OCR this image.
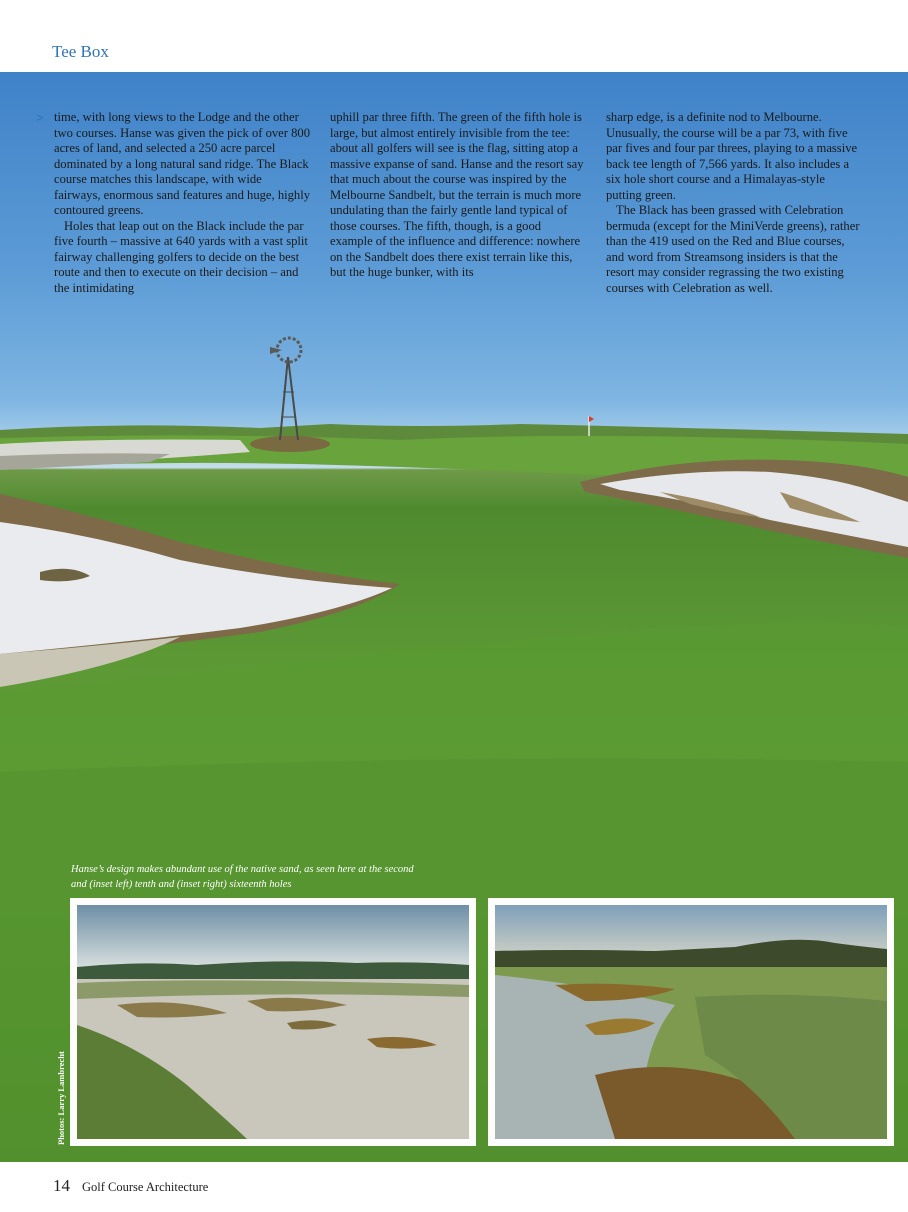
Tee Box
> time, with long views to the Lodge and the other two courses. Hanse was given the pick of over 800 acres of land, and selected a 250 acre parcel dominated by a long natural sand ridge. The Black course matches this landscape, with wide fairways, enormous sand features and huge, highly contoured greens.

Holes that leap out on the Black include the par five fourth – massive at 640 yards with a vast split fairway challenging golfers to decide on the best route and then to execute on their decision – and the intimidating

uphill par three fifth. The green of the fifth hole is large, but almost entirely invisible from the tee: about all golfers will see is the flag, sitting atop a massive expanse of sand. Hanse and the resort say that much about the course was inspired by the Melbourne Sandbelt, but the terrain is much more undulating than the fairly gentle land typical of those courses. The fifth, though, is a good example of the influence and difference: nowhere on the Sandbelt does there exist terrain like this, but the huge bunker, with its

sharp edge, is a definite nod to Melbourne. Unusually, the course will be a par 73, with five par fives and four par threes, playing to a massive back tee length of 7,566 yards. It also includes a six hole short course and a Himalayas-style putting green.

The Black has been grassed with Celebration bermuda (except for the MiniVerde greens), rather than the 419 used on the Red and Blue courses, and word from Streamsong insiders is that the resort may consider regrassing the two existing courses with Celebration as well.

Hanse’s design makes abundant use of the native sand, as seen here at the second and (inset left) tenth and (inset right) sixteenth holes
Photos: Larry Lambrecht
14 Golf Course Architecture
